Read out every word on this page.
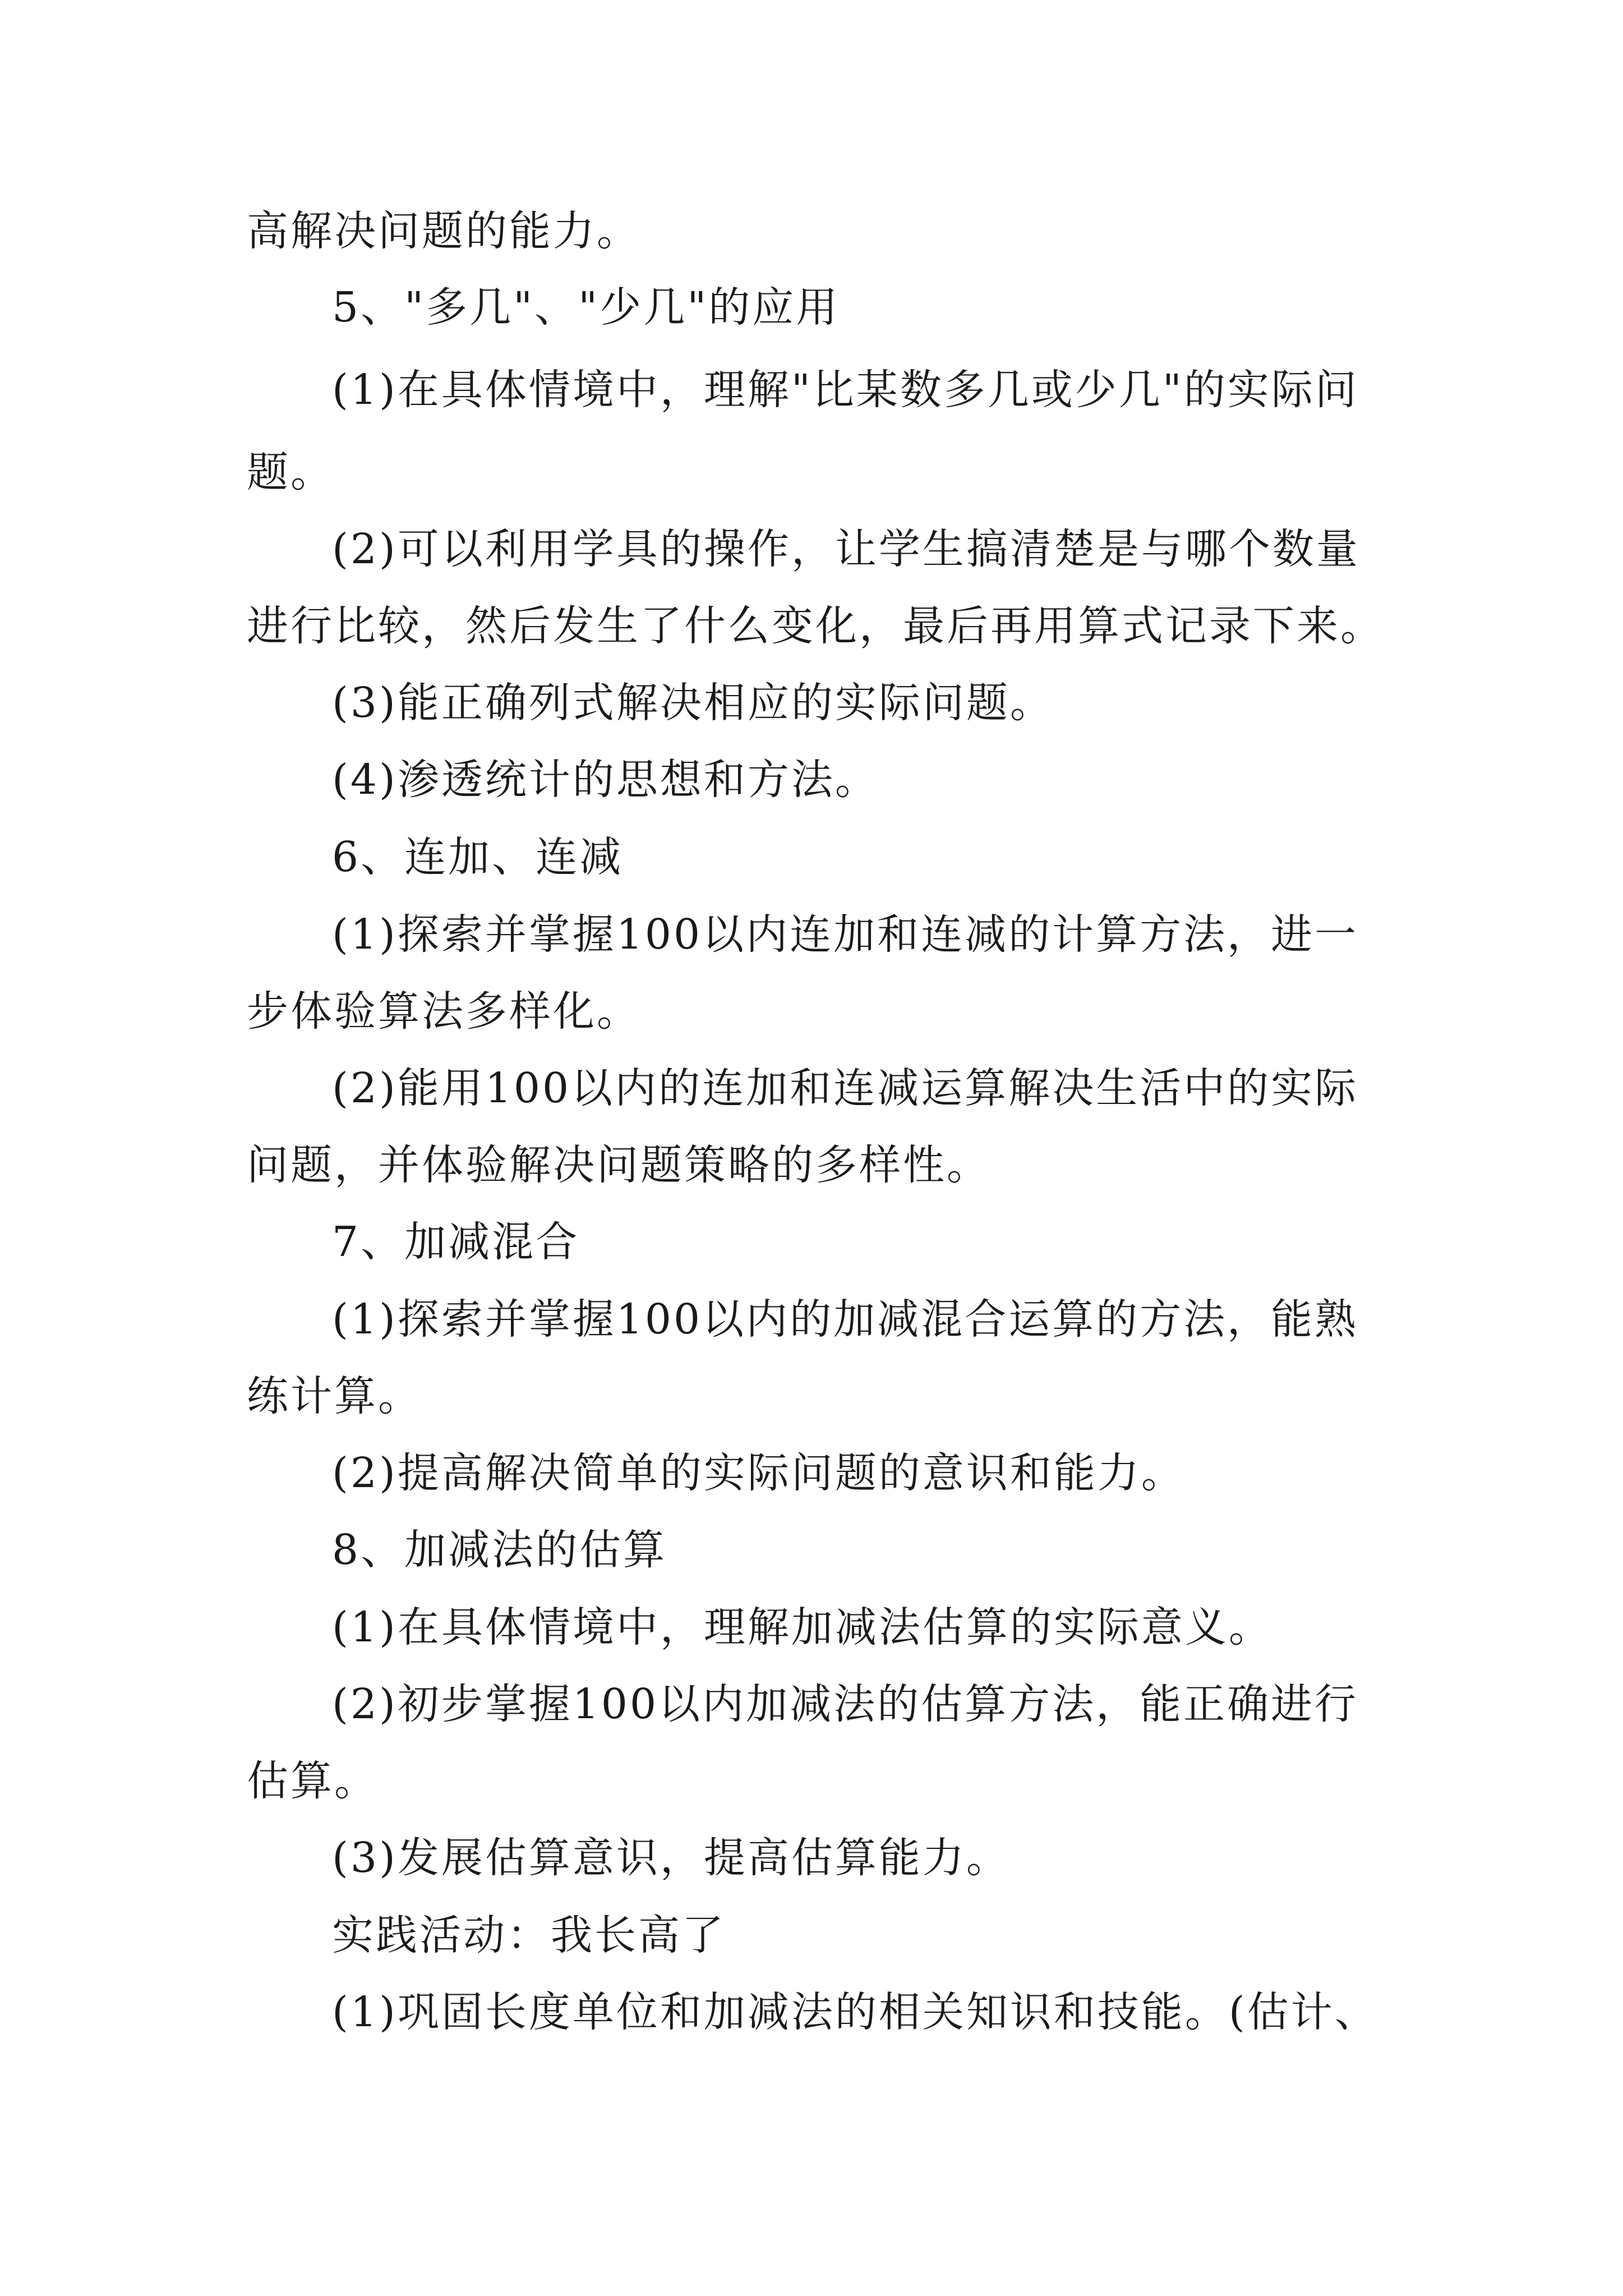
高解决问题的能力。
5、"多几"、"少几"的应用
(1)在具体情境中，理解"比某数多几或少几"的实际问
题。
(2)可以利用学具的操作，让学生搞清楚是与哪个数量
进行比较，然后发生了什么变化，最后再用算式记录下来。
(3)能正确列式解决相应的实际问题。
(4)渗透统计的思想和方法。
6、连加、连减
(1)探索并掌握100以内连加和连减的计算方法，进一
步体验算法多样化。
(2)能用100以内的连加和连减运算解决生活中的实际
问题，并体验解决问题策略的多样性。
7、加减混合
(1)探索并掌握100以内的加减混合运算的方法，能熟
练计算。
(2)提高解决简单的实际问题的意识和能力。
8、加减法的估算
(1)在具体情境中，理解加减法估算的实际意义。
(2)初步掌握100以内加减法的估算方法，能正确进行
估算。
(3)发展估算意识，提高估算能力。
实践活动：我长高了
(1)巩固长度单位和加减法的相关知识和技能。(估计、
